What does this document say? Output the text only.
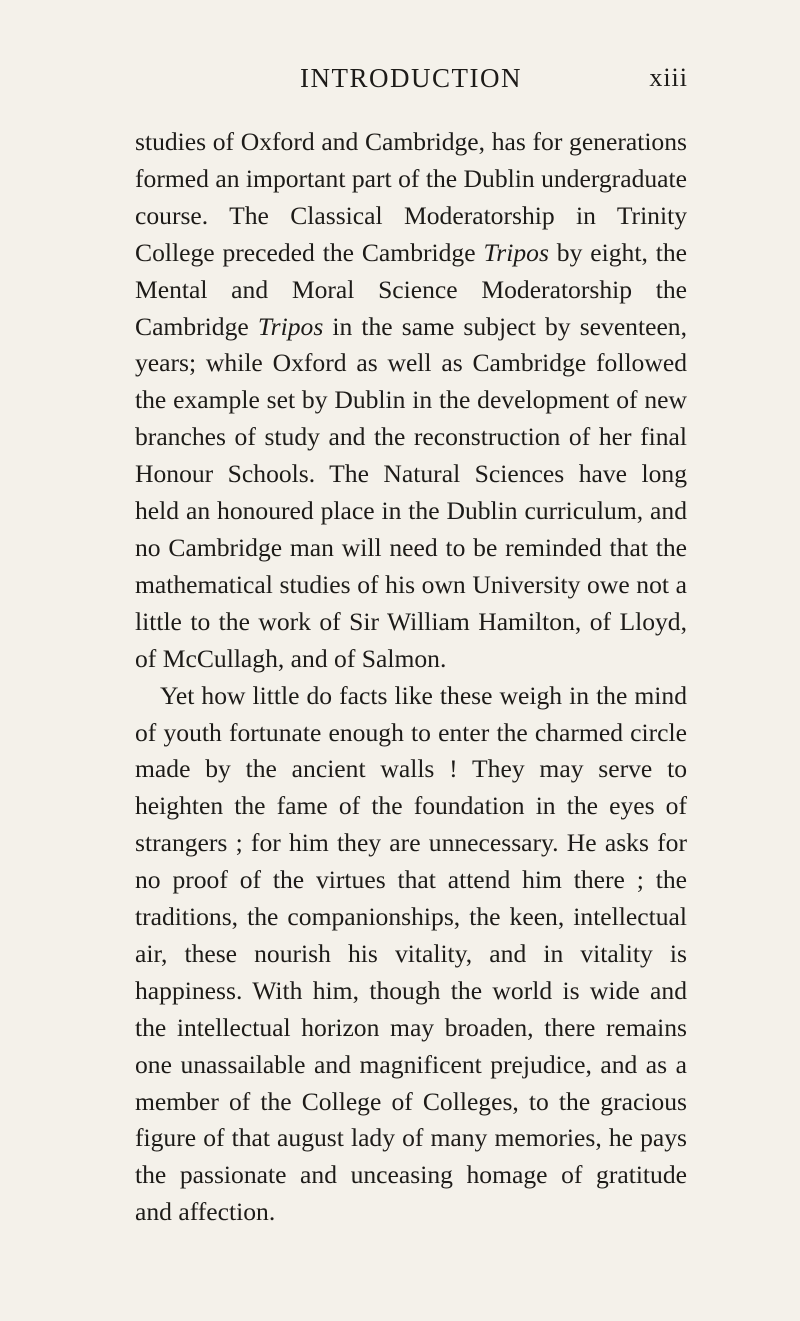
INTRODUCTION	xiii

studies of Oxford and Cambridge, has for generations formed an important part of the Dublin undergraduate course. The Classical Moderatorship in Trinity College preceded the Cambridge Tripos by eight, the Mental and Moral Science Moderatorship the Cambridge Tripos in the same subject by seventeen, years; while Oxford as well as Cambridge followed the example set by Dublin in the development of new branches of study and the reconstruction of her final Honour Schools. The Natural Sciences have long held an honoured place in the Dublin curriculum, and no Cambridge man will need to be reminded that the mathematical studies of his own University owe not a little to the work of Sir William Hamilton, of Lloyd, of McCullagh, and of Salmon.

Yet how little do facts like these weigh in the mind of youth fortunate enough to enter the charmed circle made by the ancient walls ! They may serve to heighten the fame of the foundation in the eyes of strangers ; for him they are unnecessary. He asks for no proof of the virtues that attend him there ; the traditions, the companionships, the keen, intellectual air, these nourish his vitality, and in vitality is happiness. With him, though the world is wide and the intellectual horizon may broaden, there remains one unassailable and magnificent prejudice, and as a member of the College of Colleges, to the gracious figure of that august lady of many memories, he pays the passionate and unceasing homage of gratitude and affection.
